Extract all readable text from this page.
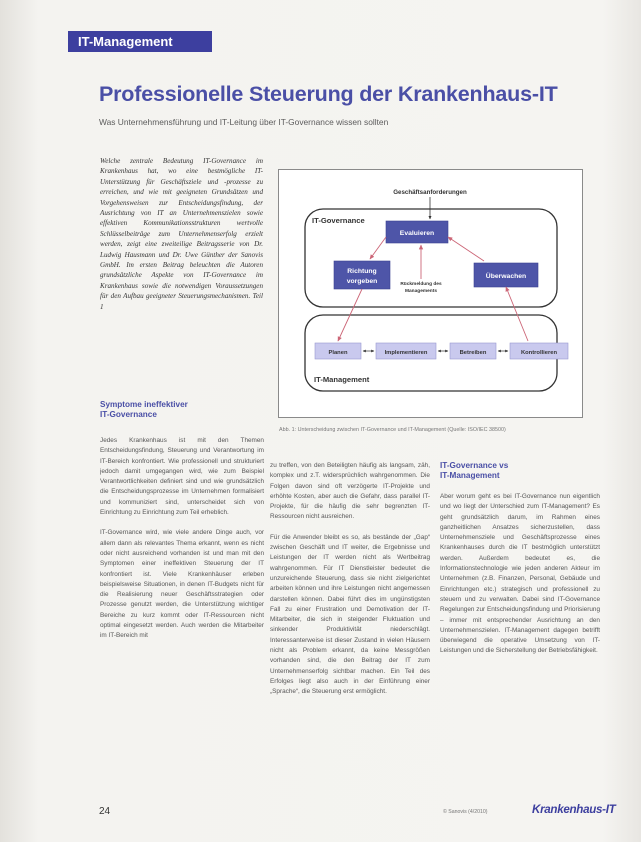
IT-Management
Professionelle Steuerung der Krankenhaus-IT
Was Unternehmensführung und IT-Leitung über IT-Governance wissen sollten
Welche zentrale Bedeutung IT-Governance im Krankenhaus hat, wo eine bestmögliche IT-Unterstützung für Geschäftsziele und -prozesse zu erreichen, und wie mit geeigneten Grundsätzen und Vorgehensweisen zur Entscheidungsfindung, der Ausrichtung von IT an Unternehmenszielen sowie effektiven Kommunikationsstrukturen wertvolle Schlüsselbeiträge zum Unternehmenserfolg erzielt werden, zeigt eine zweiteilige Beitragsserie von Dr. Ludwig Hausmann und Dr. Uwe Günther der Sanovis GmbH. Im ersten Beitrag beleuchten die Autoren grundsätzliche Aspekte von IT-Governance im Krankenhaus sowie die notwendigen Voraussetzungen für den Aufbau geeigneter Steuerungsmechanismen. Teil 1
Symptome ineffektiver
IT-Governance

Jedes Krankenhaus ist mit den Themen Entscheidungsfindung, Steuerung und Verantwortung im IT-Bereich konfrontiert. Wie professionell und strukturiert jedoch damit umgegangen wird, wie zum Beispiel Verantwortlichkeiten definiert sind und wie grundsätzlich die Entscheidungsprozesse im Unternehmen formalisiert und kommuniziert sind, unterscheidet sich von Einrichtung zu Einrichtung zum Teil erheblich.

IT-Governance wird, wie viele andere Dinge auch, vor allem dann als relevantes Thema erkannt, wenn es nicht oder nicht ausreichend vorhanden ist und man mit den Symptomen einer ineffektiven Steuerung der IT konfrontiert ist. Viele Krankenhäuser erleben beispielsweise Situationen, in denen IT-Budgets nicht für die Realisierung neuer Geschäftsstrategien oder Prozesse genutzt werden, die Unterstützung wichtiger Bereiche zu kurz kommt oder IT-Ressourcen nicht optimal eingesetzt werden. Auch werden die Mitarbeiter im IT-Bereich mit

zu treffen, von den Beteiligten häufig als langsam, zäh, komplex und z.T. widersprüchlich wahrgenommen. Die Folgen davon sind oft verzögerte IT-Projekte und erhöhte Kosten, aber auch die Gefahr, dass parallel IT-Projekte, für die häufig die sehr begrenzten IT-Ressourcen nicht ausreichen.

Für die Anwender bleibt es so, als bestände der „Gap“ zwischen Geschäft und IT weiter, die Ergebnisse und Leistungen der IT werden nicht als Wertbeitrag wahrgenommen. Für IT Dienstleister bedeutet die unzureichende Steuerung, dass sie nicht zielgerichtet arbeiten können und ihre Leistungen nicht angemessen darstellen können. Dabei führt dies im ungünstigsten Fall zu einer Frustration und Demotivation der IT-Mitarbeiter, die sich in steigender Fluktuation und sinkender Produktivität niederschlägt. Interessanterweise ist dieser Zustand in vielen Häusern nicht als Problem erkannt, da keine Messgrößen vorhanden sind, die den Beitrag der IT zum Unternehmenserfolg sichtbar machen. Ein Teil des Erfolges liegt also auch in der Einführung einer „Sprache“, die Steuerung erst ermöglicht.

IT-Governance vs
IT-Management

Aber worum geht es bei IT-Governance nun eigentlich und wo liegt der Unterschied zum IT-Management? Es geht grundsätzlich darum, im Rahmen eines ganzheitlichen Ansatzes sicherzustellen, dass Unternehmensziele und Geschäftsprozesse eines Krankenhauses durch die IT bestmöglich unterstützt werden. Außerdem bedeutet es, die Informationstechnologie wie jeden anderen Akteur im Unternehmen (z.B. Finanzen, Personal, Gebäude und Einrichtungen etc.) strategisch und professionell zu steuern und zu verwalten. Dabei sind IT-Governance Regelungen zur Entscheidungsfindung und Priorisierung – immer mit entsprechender Ausrichtung an den Unternehmenszielen. IT-Management dagegen betrifft überwiegend die operative Umsetzung von IT-Leistungen und die Sicherstellung der Betriebsfähigkeit.

Geschäftsanforderungen
IT-Governance
IT-Management
Evaluieren
Richtung
vorgeben
Überwachen
Rückmeldung des
Managements
Planen	Implementieren	Betreiben	Kontrollieren
Abb. 1: Unterscheidung zwischen IT-Governance und IT-Management (Quelle: ISO/IEC 38500)
24	© Sanovis (4/2010)	Krankenhaus-IT
